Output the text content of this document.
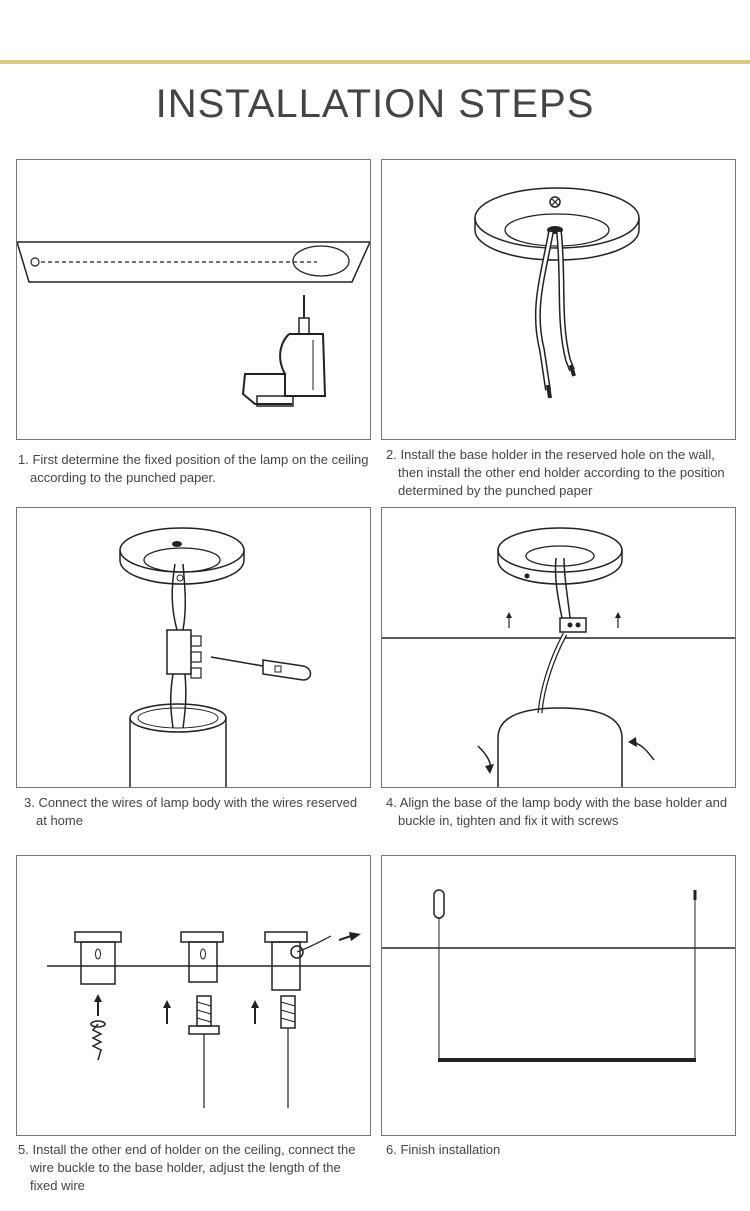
INSTALLATION STEPS
1. First determine the fixed position of the lamp on the ceiling according to the punched paper.
2. Install the base holder in the reserved hole on the wall, then install the other end holder according to the position determined by the punched paper
3. Connect the wires of lamp body with the wires reserved at home
4. Align the base of the lamp body with the base holder and buckle in, tighten and fix it with screws
5. Install the other end of holder on the ceiling, connect the wire buckle to the base holder, adjust the length of the fixed wire
6. Finish installation
